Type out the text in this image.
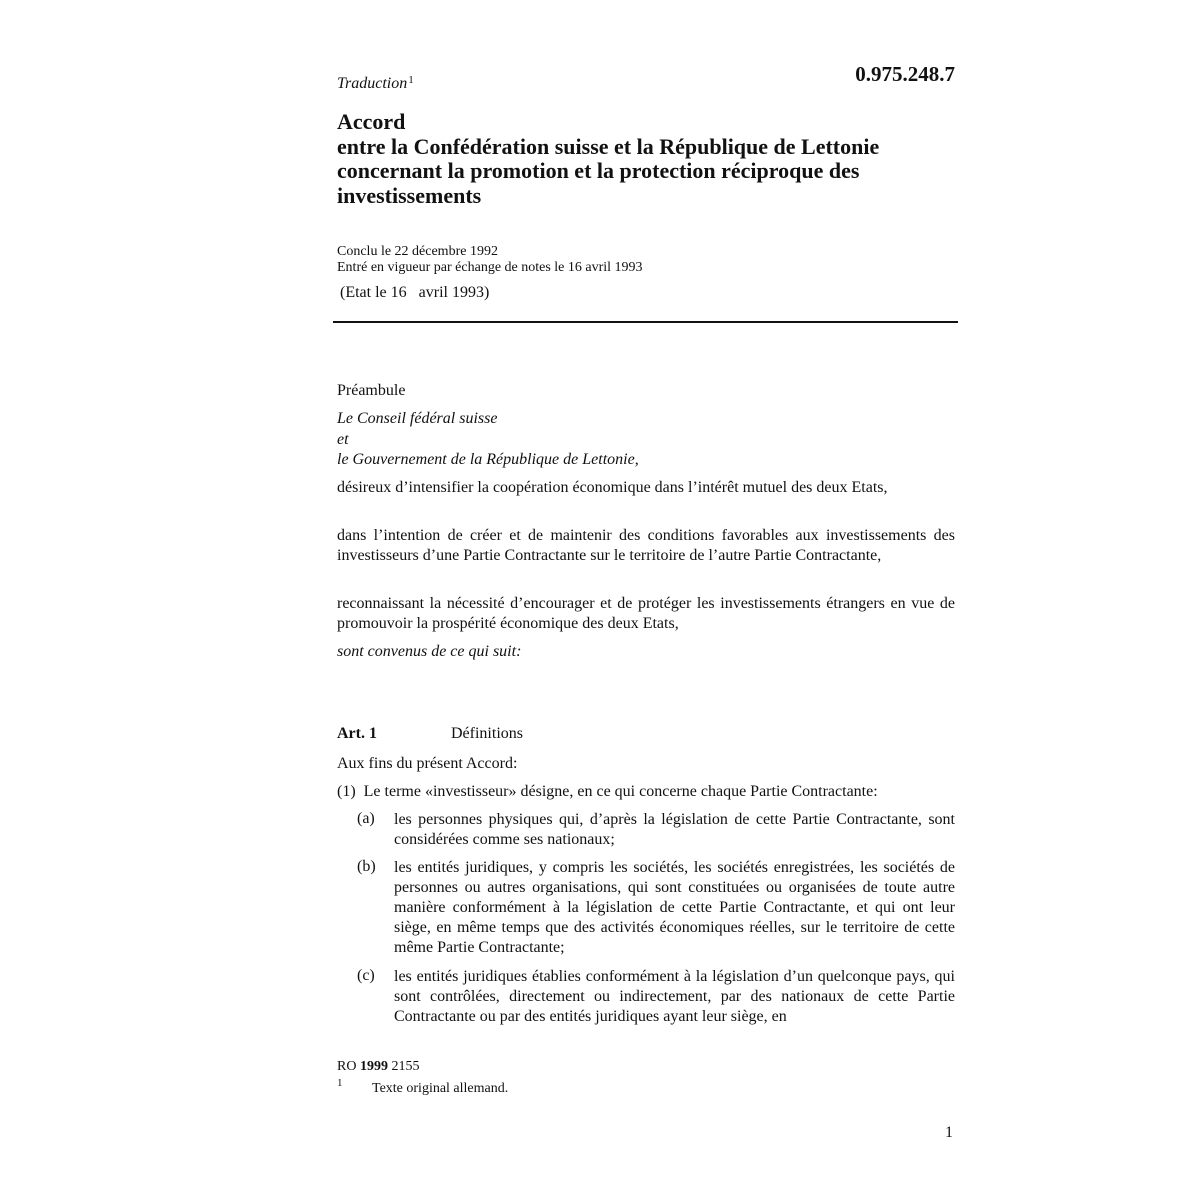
Traduction$^1$	0.975.248.7
Accord
entre la Confédération suisse et la République de Lettonie
concernant la promotion et la protection réciproque des
investissements
Conclu le 22 décembre 1992
Entré en vigueur par échange de notes le 16 avril 1993
(Etat le 16   avril 1993)
Préambule
Le Conseil fédéral suisse
et
le Gouvernement de la République de Lettonie,
désireux d’intensifier la coopération économique dans l’intérêt mutuel des deux Etats,
dans l’intention de créer et de maintenir des conditions favorables aux investissements des investisseurs d’une Partie Contractante sur le territoire de l’autre Partie Contractante,
reconnaissant la nécessité d’encourager et de protéger les investissements étrangers en vue de promouvoir la prospérité économique des deux Etats,
sont convenus de ce qui suit:
Art. 1	Définitions
Aux fins du présent Accord:
(1)  Le terme «investisseur» désigne, en ce qui concerne chaque Partie Contractante:
(a) les personnes physiques qui, d’après la législation de cette Partie Contractante, sont considérées comme ses nationaux;
(b) les entités juridiques, y compris les sociétés, les sociétés enregistrées, les sociétés de personnes ou autres organisations, qui sont constituées ou organisées de toute autre manière conformément à la législation de cette Partie Contractante, et qui ont leur siège, en même temps que des activités économiques réelles, sur le territoire de cette même Partie Contractante;
(c) les entités juridiques établies conformément à la législation d’un quelconque pays, qui sont contrôlées, directement ou indirectement, par des nationaux de cette Partie Contractante ou par des entités juridiques ayant leur siège, en
RO 1999 2155
1 Texte original allemand.
1
